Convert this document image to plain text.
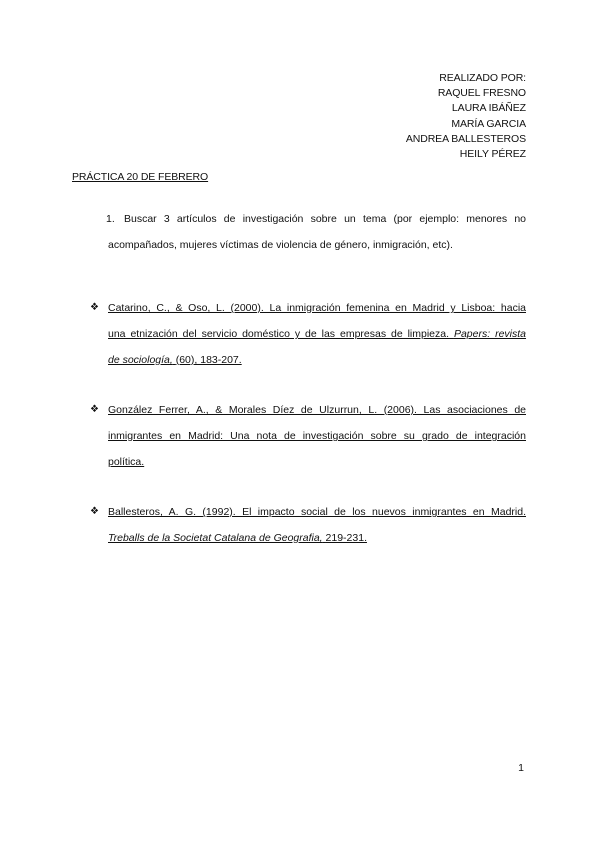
REALIZADO POR:
RAQUEL FRESNO
LAURA IBÁÑEZ
MARÍA GARCIA
ANDREA BALLESTEROS
HEILY PÉREZ
PRÁCTICA 20 DE FEBRERO
1. Buscar 3 artículos de investigación sobre un tema (por ejemplo: menores no
acompañados, mujeres víctimas de violencia de género, inmigración, etc).
❖ Catarino, C., & Oso, L. (2000). La inmigración femenina en Madrid y Lisboa: hacia
una etnización del servicio doméstico y de las empresas de limpieza. Papers: revista
de sociología, (60), 183-207.
❖ González Ferrer, A., & Morales Díez de Ulzurrun, L. (2006). Las asociaciones de
inmigrantes en Madrid: Una nota de investigación sobre su grado de integración
política.
❖ Ballesteros, A. G. (1992). El impacto social de los nuevos inmigrantes en Madrid.
Treballs de la Societat Catalana de Geografia, 219-231.
1
